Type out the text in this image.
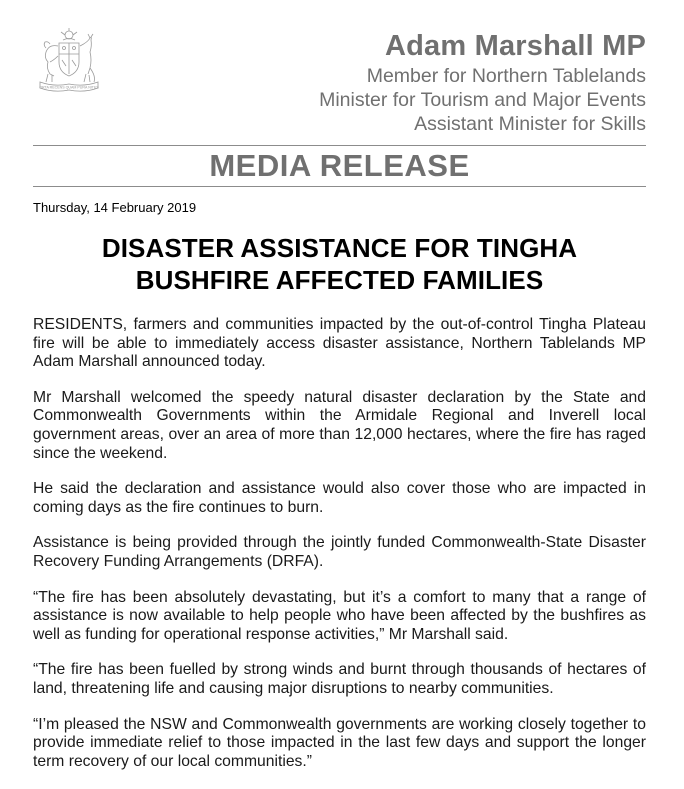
ORTA RECENS QUAM PURA NITES
Adam Marshall MP
Member for Northern Tablelands
Minister for Tourism and Major Events
Assistant Minister for Skills
MEDIA RELEASE
Thursday, 14 February 2019
DISASTER ASSISTANCE FOR TINGHA
BUSHFIRE AFFECTED FAMILIES

RESIDENTS, farmers and communities impacted by the out-of-control Tingha Plateau fire will be able to immediately access disaster assistance, Northern Tablelands MP Adam Marshall announced today.

Mr Marshall welcomed the speedy natural disaster declaration by the State and Commonwealth Governments within the Armidale Regional and Inverell local government areas, over an area of more than 12,000 hectares, where the fire has raged since the weekend.

He said the declaration and assistance would also cover those who are impacted in coming days as the fire continues to burn.

Assistance is being provided through the jointly funded Commonwealth-State Disaster Recovery Funding Arrangements (DRFA).

“The fire has been absolutely devastating, but it’s a comfort to many that a range of assistance is now available to help people who have been affected by the bushfires as well as funding for operational response activities,” Mr Marshall said.

“The fire has been fuelled by strong winds and burnt through thousands of hectares of land, threatening life and causing major disruptions to nearby communities.

“I’m pleased the NSW and Commonwealth governments are working closely together to provide immediate relief to those impacted in the last few days and support the longer term recovery of our local communities.”
